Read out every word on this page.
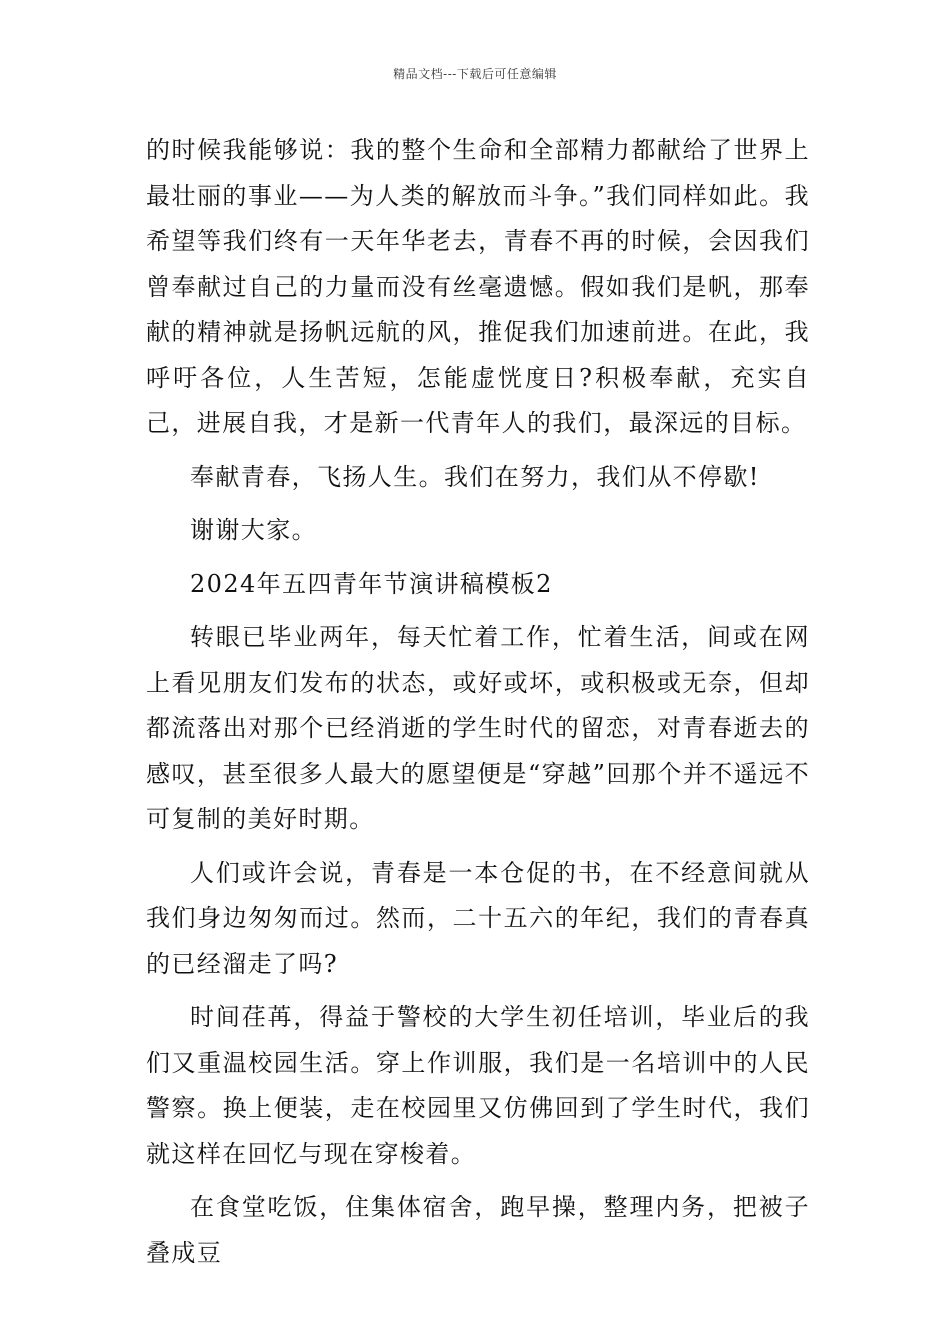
精品文档---下载后可任意编辑

的时候我能够说：我的整个生命和全部精力都献给了世界上最壮丽的事业——为人类的解放而斗争。”我们同样如此。我希望等我们终有一天年华老去，青春不再的时候，会因我们曾奉献过自己的力量而没有丝毫遗憾。假如我们是帆，那奉献的精神就是扬帆远航的风，推促我们加速前进。在此，我呼吁各位，人生苦短，怎能虚恍度日?积极奉献，充实自己，进展自我，才是新一代青年人的我们，最深远的目标。

奉献青春，飞扬人生。我们在努力，我们从不停歇!

谢谢大家。

2024年五四青年节演讲稿模板2

转眼已毕业两年，每天忙着工作，忙着生活，间或在网上看见朋友们发布的状态，或好或坏，或积极或无奈，但却都流落出对那个已经消逝的学生时代的留恋，对青春逝去的感叹，甚至很多人最大的愿望便是“穿越”回那个并不遥远不可复制的美好时期。

人们或许会说，青春是一本仓促的书，在不经意间就从我们身边匆匆而过。然而，二十五六的年纪，我们的青春真的已经溜走了吗?

时间荏苒，得益于警校的大学生初任培训，毕业后的我们又重温校园生活。穿上作训服，我们是一名培训中的人民警察。换上便装，走在校园里又仿佛回到了学生时代，我们就这样在回忆与现在穿梭着。

在食堂吃饭，住集体宿舍，跑早操，整理内务，把被子叠成豆
